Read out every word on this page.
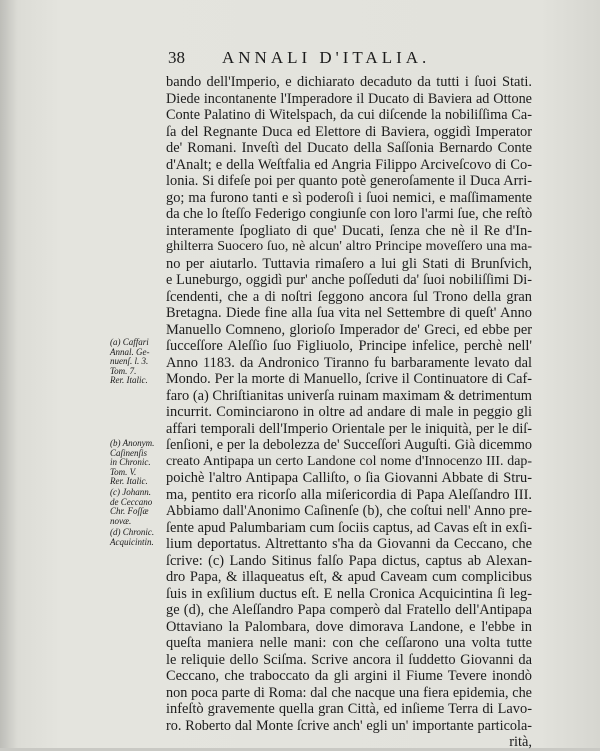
38 ANNALI D'ITALIA.
bando dell'Imperio, e dichiarato decaduto da tutti i ſuoi Stati.
Diede incontanente l'Imperadore il Ducato di Baviera ad Ottone
Conte Palatino di Witelspach, da cui diſcende la nobiliſſima Ca-
ſa del Regnante Duca ed Elettore di Baviera, oggidì Imperator
de' Romani. Inveſtì del Ducato della Saſſonia Bernardo Conte
d'Analt; e della Weſtfalia ed Angria Filippo Arciveſcovo di Co-
lonia. Si difeſe poi per quanto potè generoſamente il Duca Arri-
go; ma furono tanti e sì poderoſi i ſuoi nemici, e maſſimamente
da che lo ſteſſo Federigo congiunſe con loro l'armi ſue, che reſtò
interamente ſpogliato di que' Ducati, ſenza che nè il Re d'In-
ghilterra Suocero ſuo, nè alcun' altro Principe moveſſero una ma-
no per aiutarlo. Tuttavia rimaſero a lui gli Stati di Brunſvich,
e Luneburgo, oggidì pur' anche poſſeduti da' ſuoi nobiliſſimi Di-
ſcendenti, che a di noſtri ſeggono ancora ſul Trono della gran
Bretagna. Diede fine alla ſua vita nel Settembre di queſt' Anno
Manuello Comneno, glorioſo Imperador de' Greci, ed ebbe per
ſucceſſore Aleſſio ſuo Figliuolo, Principe infelice, perchè nell'
Anno 1183. da Andronico Tiranno fu barbaramente levato dal
Mondo. Per la morte di Manuello, ſcrive il Continuatore di Caf-
faro (a) Chriſtianitas univerſa ruinam maximam & detrimentum
incurrit. Cominciarono in oltre ad andare di male in peggio gli
affari temporali dell'Imperio Orientale per le iniquità, per le diſ-
ſenſioni, e per la debolezza de' Succeſſori Auguſti. Già dicemmo
creato Antipapa un certo Landone col nome d'Innocenzo III. dap-
poichè l'altro Antipapa Calliſto, o ſia Giovanni Abbate di Stru-
ma, pentito era ricorſo alla miſericordia di Papa Aleſſandro III.
Abbiamo dall'Anonimo Caſinenſe (b), che coſtui nell' Anno pre-
ſente apud Palumbariam cum ſociis captus, ad Cavas eſt in exſi-
lium deportatus. Altrettanto s'ha da Giovanni da Ceccano, che
ſcrive: (c) Lando Sitinus falſo Papa dictus, captus ab Alexan-
dro Papa, & illaqueatus eſt, & apud Caveam cum complicibus
ſuis in exſilium ductus eſt. E nella Cronica Acquicintina ſi leg-
ge (d), che Aleſſandro Papa comperò dal Fratello dell'Antipapa
Ottaviano la Palombara, dove dimorava Landone, e l'ebbe in
queſta maniera nelle mani: con che ceſſarono una volta tutte
le reliquie dello Sciſma. Scrive ancora il ſuddetto Giovanni da
Ceccano, che traboccato da gli argini il Fiume Tevere inondò
non poca parte di Roma: dal che nacque una fiera epidemia, che
infeſtò gravemente quella gran Città, ed inſieme Terra di Lavo-
ro. Roberto dal Monte ſcrive anch' egli un' importante particola-
rità,
(a) Caffari
Annal. Ge-
nuenſ. l. 3.
Tom. 7.
Rer. Italic.
(b) Anonym.
Caſinenſis
in Chronic.
Tom. V.
Rer. Italic.
(c) Johann.
de Ceccano
Chr. Foſſæ
novæ.
(d) Chronic.
Acquicintin.
